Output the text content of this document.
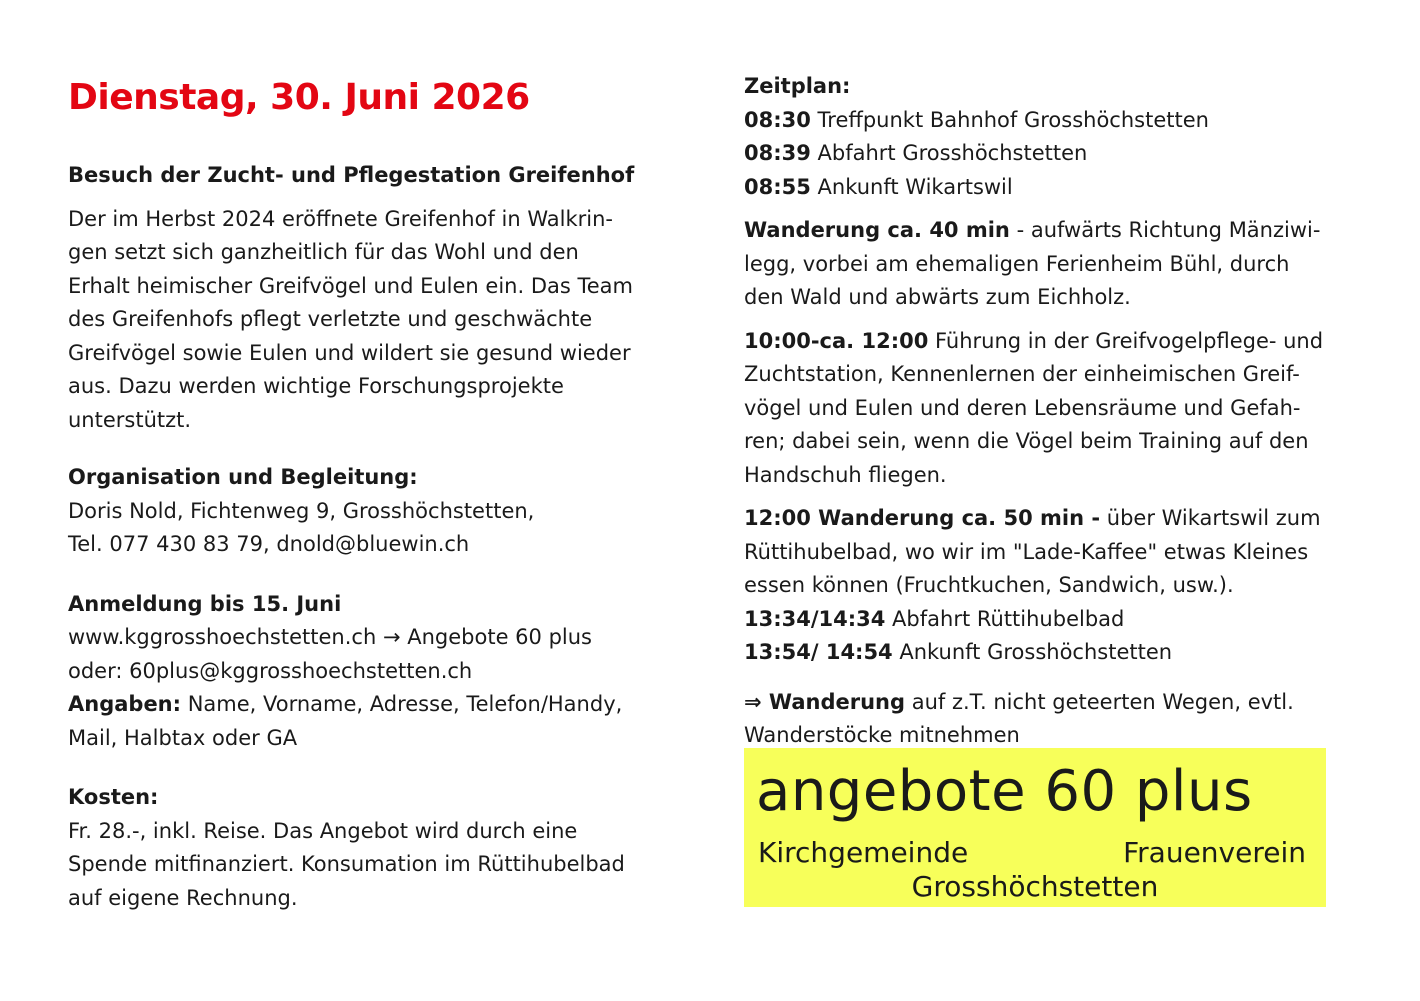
Dienstag, 30. Juni 2026
Besuch der Zucht- und Pflegestation Greifenhof
Der im Herbst 2024 eröffnete Greifenhof in Walkrin-
gen setzt sich ganzheitlich für das Wohl und den
Erhalt heimischer Greifvögel und Eulen ein. Das Team
des Greifenhofs pflegt verletzte und geschwächte
Greifvögel sowie Eulen und wildert sie gesund wieder
aus. Dazu werden wichtige Forschungsprojekte
unterstützt.
Organisation und Begleitung:
Doris Nold, Fichtenweg 9, Grosshöchstetten,
Tel. 077 430 83 79, dnold@bluewin.ch
Anmeldung bis 15. Juni
www.kggrosshoechstetten.ch → Angebote 60 plus
oder: 60plus@kggrosshoechstetten.ch
Angaben: Name, Vorname, Adresse, Telefon/Handy,
Mail, Halbtax oder GA
Kosten:
Fr. 28.-, inkl. Reise. Das Angebot wird durch eine
Spende mitfinanziert. Konsumation im Rüttihubelbad
auf eigene Rechnung.
Zeitplan:
08:30 Treffpunkt Bahnhof Grosshöchstetten
08:39 Abfahrt Grosshöchstetten
08:55 Ankunft Wikartswil
Wanderung ca. 40 min - aufwärts Richtung Mänziwi-
legg, vorbei am ehemaligen Ferienheim Bühl, durch
den Wald und abwärts zum Eichholz.
10:00-ca. 12:00 Führung in der Greifvogelpflege- und
Zuchtstation, Kennenlernen der einheimischen Greif-
vögel und Eulen und deren Lebensräume und Gefah-
ren; dabei sein, wenn die Vögel beim Training auf den
Handschuh fliegen.
12:00 Wanderung ca. 50 min - über Wikartswil zum
Rüttihubelbad, wo wir im "Lade-Kaffee" etwas Kleines
essen können (Fruchtkuchen, Sandwich, usw.).
13:34/14:34 Abfahrt Rüttihubelbad
13:54/ 14:54 Ankunft Grosshöchstetten
⇒ Wanderung auf z.T. nicht geteerten Wegen, evtl.
Wanderstöcke mitnehmen
angebote 60 plus
Kirchgemeinde	Frauenverein
Grosshöchstetten
